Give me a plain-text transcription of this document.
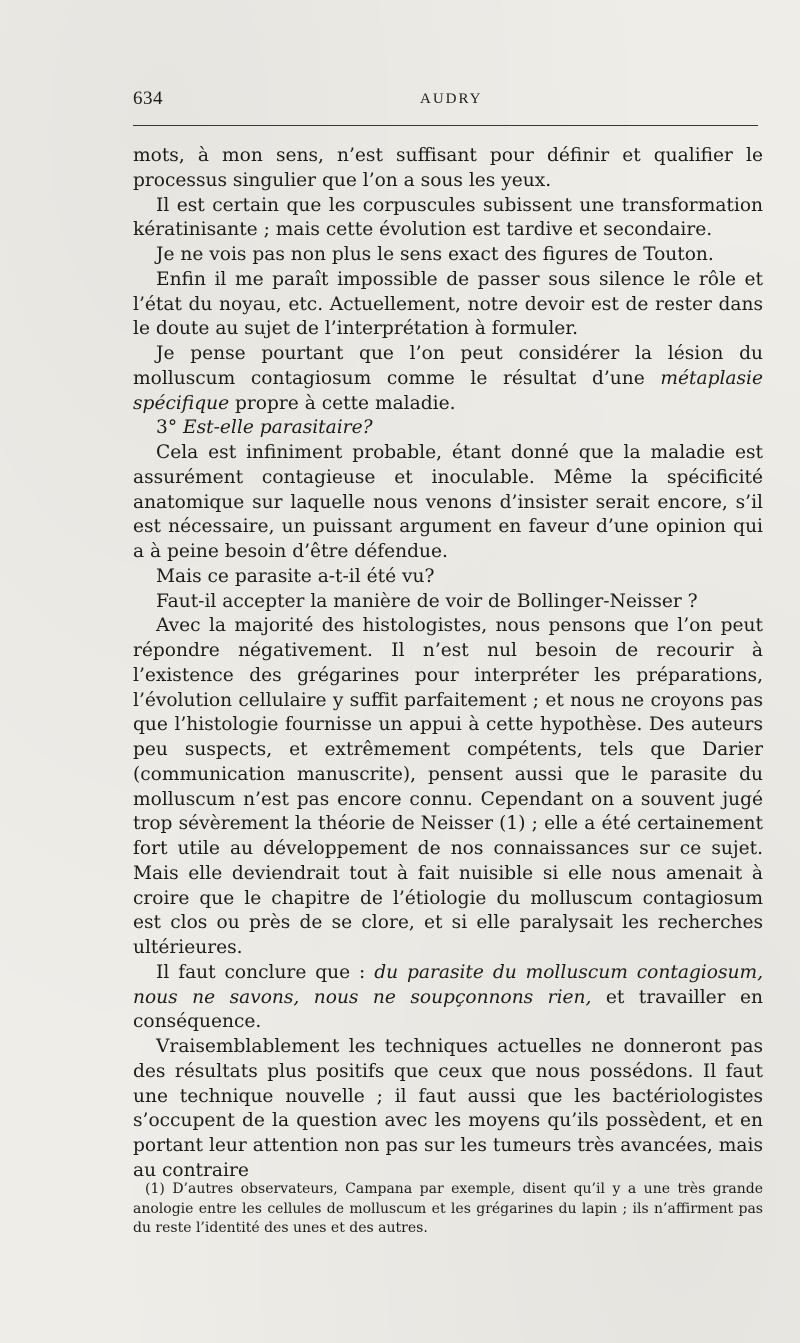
634	AUDRY

mots, à mon sens, n’est suffisant pour définir et qualifier le processus singulier que l’on a sous les yeux.

Il est certain que les corpuscules subissent une transformation kératinisante ; mais cette évolution est tardive et secondaire.

Je ne vois pas non plus le sens exact des figures de Touton.

Enfin il me paraît impossible de passer sous silence le rôle et l’état du noyau, etc. Actuellement, notre devoir est de rester dans le doute au sujet de l’interprétation à formuler.

Je pense pourtant que l’on peut considérer la lésion du molluscum contagiosum comme le résultat d’une métaplasie spécifique propre à cette maladie.

3° Est-elle parasitaire?

Cela est infiniment probable, étant donné que la maladie est assurément contagieuse et inoculable. Même la spécificité anatomique sur laquelle nous venons d’insister serait encore, s’il est nécessaire, un puissant argument en faveur d’une opinion qui a à peine besoin d’être défendue.

Mais ce parasite a-t-il été vu?

Faut-il accepter la manière de voir de Bollinger-Neisser ?

Avec la majorité des histologistes, nous pensons que l’on peut répondre négativement. Il n’est nul besoin de recourir à l’existence des grégarines pour interpréter les préparations, l’évolution cellulaire y suffit parfaitement ; et nous ne croyons pas que l’histologie fournisse un appui à cette hypothèse. Des auteurs peu suspects, et extrêmement compétents, tels que Darier (communication manuscrite), pensent aussi que le parasite du molluscum n’est pas encore connu. Cependant on a souvent jugé trop sévèrement la théorie de Neisser (1) ; elle a été certainement fort utile au développement de nos connaissances sur ce sujet. Mais elle deviendrait tout à fait nuisible si elle nous amenait à croire que le chapitre de l’étiologie du molluscum contagiosum est clos ou près de se clore, et si elle paralysait les recherches ultérieures.

Il faut conclure que : du parasite du molluscum contagiosum, nous ne savons, nous ne soupçonnons rien, et travailler en conséquence.

Vraisemblablement les techniques actuelles ne donneront pas des résultats plus positifs que ceux que nous possédons. Il faut une technique nouvelle ; il faut aussi que les bactériologistes s’occupent de la question avec les moyens qu’ils possèdent, et en portant leur attention non pas sur les tumeurs très avancées, mais au contraire

(1) D’autres observateurs, Campana par exemple, disent qu’il y a une très grande anologie entre les cellules de molluscum et les grégarines du lapin ; ils n’affirment pas du reste l’identité des unes et des autres.
